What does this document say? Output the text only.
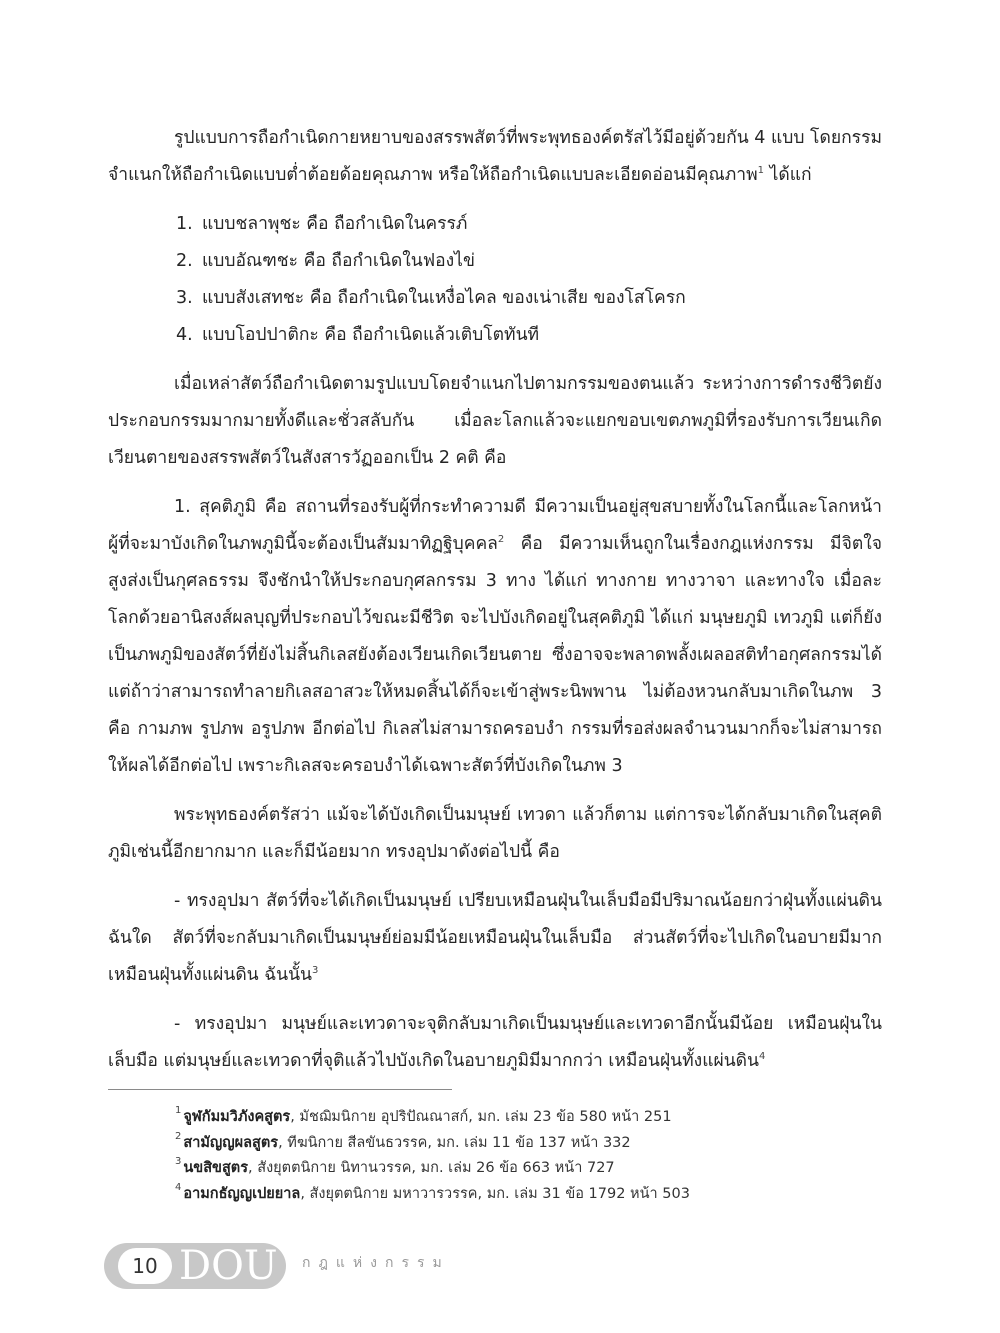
รูปแบบการถือกำเนิดกายหยาบของสรรพสัตว์ที่พระพุทธองค์ตรัสไว้มีอยู่ด้วยกัน 4 แบบ โดยกรรมจำแนกให้ถือกำเนิดแบบต่ำต้อยด้อยคุณภาพ หรือให้ถือกำเนิดแบบละเอียดอ่อนมีคุณภาพ$^1$ ได้แก่

1. แบบชลาพุชะ คือ ถือกำเนิดในครรภ์
2. แบบอัณฑชะ คือ ถือกำเนิดในฟองไข่
3. แบบสังเสทชะ คือ ถือกำเนิดในเหงื่อไคล ของเน่าเสีย ของโสโครก
4. แบบโอปปาติกะ คือ ถือกำเนิดแล้วเติบโตทันที

เมื่อเหล่าสัตว์ถือกำเนิดตามรูปแบบโดยจำแนกไปตามกรรมของตนแล้ว ระหว่างการดำรงชีวิตยังประกอบกรรมมากมายทั้งดีและชั่วสลับกัน เมื่อละโลกแล้วจะแยกขอบเขตภพภูมิที่รองรับการเวียนเกิดเวียนตายของสรรพสัตว์ในสังสารวัฏออกเป็น 2 คติ คือ

1. สุคติภูมิ คือ สถานที่รองรับผู้ที่กระทำความดี มีความเป็นอยู่สุขสบายทั้งในโลกนี้และโลกหน้า ผู้ที่จะมาบังเกิดในภพภูมินี้จะต้องเป็นสัมมาทิฏฐิบุคคล$^2$ คือ มีความเห็นถูกในเรื่องกฎแห่งกรรม มีจิตใจสูงส่งเป็นกุศลธรรม จึงชักนำให้ประกอบกุศลกรรม 3 ทาง ได้แก่ ทางกาย ทางวาจา และทางใจ เมื่อละโลกด้วยอานิสงส์ผลบุญที่ประกอบไว้ขณะมีชีวิต จะไปบังเกิดอยู่ในสุคติภูมิ ได้แก่ มนุษยภูมิ เทวภูมิ แต่ก็ยังเป็นภพภูมิของสัตว์ที่ยังไม่สิ้นกิเลสยังต้องเวียนเกิดเวียนตาย ซึ่งอาจจะพลาดพลั้งเผลอสติทำอกุศลกรรมได้ แต่ถ้าว่าสามารถทำลายกิเลสอาสวะให้หมดสิ้นได้ก็จะเข้าสู่พระนิพพาน ไม่ต้องหวนกลับมาเกิดในภพ 3 คือ กามภพ รูปภพ อรูปภพ อีกต่อไป กิเลสไม่สามารถครอบงำ กรรมที่รอส่งผลจำนวนมากก็จะไม่สามารถให้ผลได้อีกต่อไป เพราะกิเลสจะครอบงำได้เฉพาะสัตว์ที่บังเกิดในภพ 3

พระพุทธองค์ตรัสว่า แม้จะได้บังเกิดเป็นมนุษย์ เทวดา แล้วก็ตาม แต่การจะได้กลับมาเกิดในสุคติภูมิเช่นนี้อีกยากมาก และก็มีน้อยมาก ทรงอุปมาดังต่อไปนี้ คือ

- ทรงอุปมา สัตว์ที่จะได้เกิดเป็นมนุษย์ เปรียบเหมือนฝุ่นในเล็บมือมีปริมาณน้อยกว่าฝุ่นทั้งแผ่นดินฉันใด สัตว์ที่จะกลับมาเกิดเป็นมนุษย์ย่อมมีน้อยเหมือนฝุ่นในเล็บมือ ส่วนสัตว์ที่จะไปเกิดในอบายมีมากเหมือนฝุ่นทั้งแผ่นดิน ฉันนั้น$^3$

- ทรงอุปมา มนุษย์และเทวดาจะจุติกลับมาเกิดเป็นมนุษย์และเทวดาอีกนั้นมีน้อย เหมือนฝุ่นในเล็บมือ แต่มนุษย์และเทวดาที่จุติแล้วไปบังเกิดในอบายภูมิมีมากกว่า เหมือนฝุ่นทั้งแผ่นดิน$^4$

$^1$ จูฬกัมมวิภังคสูตร, มัชฌิมนิกาย อุปริปัณณาสก์, มก. เล่ม 23 ข้อ 580 หน้า 251

$^2$ สามัญญผลสูตร, ทีฆนิกาย สีลขันธวรรค, มก. เล่ม 11 ข้อ 137 หน้า 332

$^3$ นขสิขสูตร, สังยุตตนิกาย นิทานวรรค, มก. เล่ม 26 ข้อ 663 หน้า 727

$^4$ อามกธัญญเปยยาล, สังยุตตนิกาย มหาวารวรรค, มก. เล่ม 31 ข้อ 1792 หน้า 503

10 DOU กฎแห่งกรรม
